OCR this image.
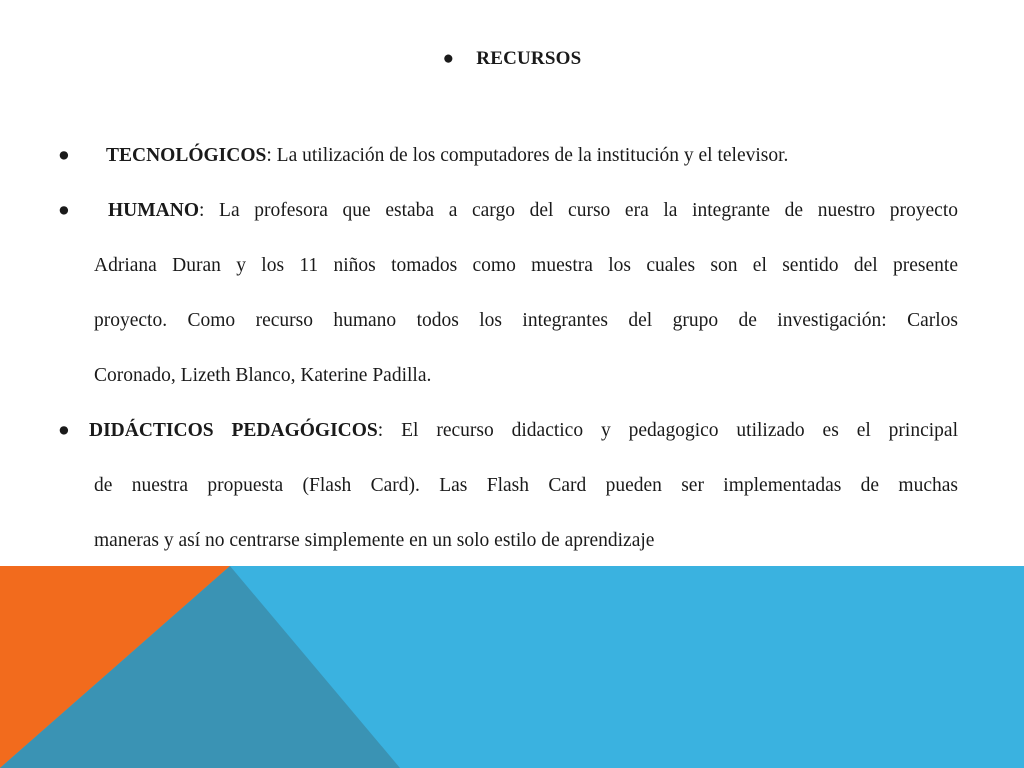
● RECURSOS
●	TECNOLÓGICOS: La utilización de los computadores de la institución y el televisor.
●	HUMANO: La profesora que estaba a cargo del curso era la integrante de nuestro proyecto
Adriana Duran y los 11 niños tomados como muestra los cuales son el sentido del presente
proyecto. Como recurso humano todos los integrantes del grupo de investigación: Carlos
Coronado, Lizeth Blanco, Katerine Padilla.
● DIDÁCTICOS PEDAGÓGICOS: El recurso didactico y pedagogico utilizado es el principal
de nuestra propuesta (Flash Card). Las Flash Card pueden ser implementadas de muchas
maneras y así no centrarse simplemente en un solo estilo de aprendizaje
